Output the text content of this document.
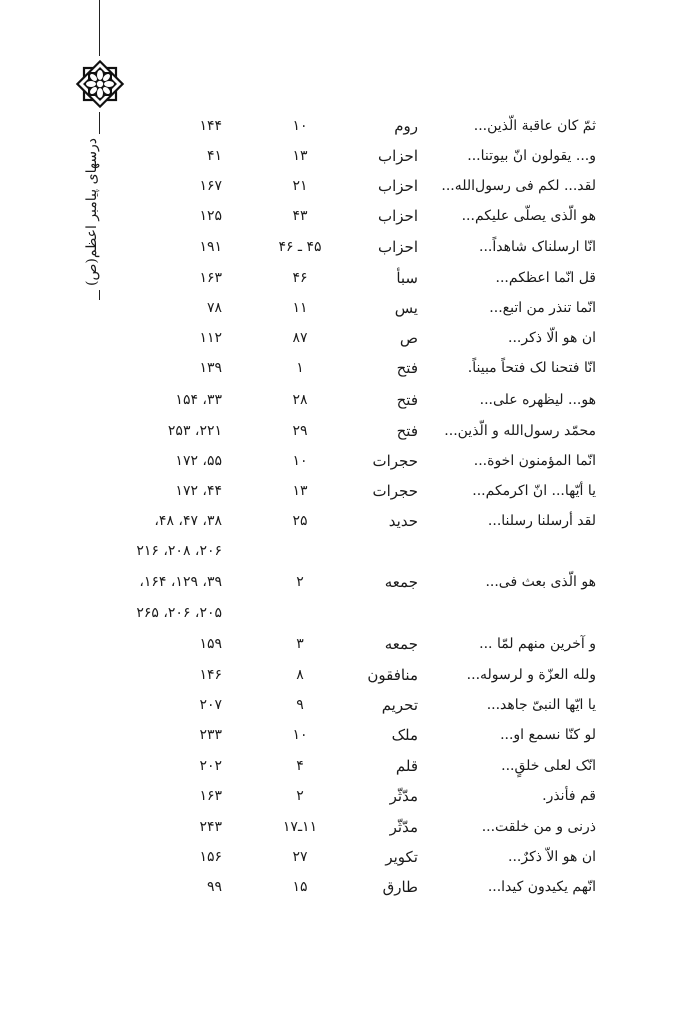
درسهای پیامبر اعظم(ص)
ثمّ کان عاقبة الّذین...
روم
۱۰
۱۴۴
و... یقولون انّ بیوتنا...
احزاب
۱۳
۴۱
لقد... لکم فی رسول‌الله...
احزاب
۲۱
۱۶۷
هو الّذی یصلّی علیکم...
احزاب
۴۳
۱۲۵
انّا ارسلناک شاهداً...
احزاب
۴۵ ـ ۴۶
۱۹۱
قل انّما اعظکم...
سبأ
۴۶
۱۶۳
انّما تنذر من اتبع...
یس
۱۱
۷۸
ان هو الّا ذکر...
ص
۸۷
۱۱۲
انّا فتحنا لک فتحاً مبیناً.
فتح
۱
۱۳۹
هو... لیظهره علی...
فتح
۲۸
۳۳، ۱۵۴
محمّد رسول‌الله و الّذین...
فتح
۲۹
۲۲۱، ۲۵۳
انّما المؤمنون اخوة...
حجرات
۱۰
۵۵، ۱۷۲
یا أیّها... انّ اکرمکم...
حجرات
۱۳
۴۴، ۱۷۲
لقد أرسلنا رسلنا...
حدید
۲۵
۳۸، ۴۷، ۴۸،
۲۰۶، ۲۰۸، ۲۱۶
هو الّذی بعث فی...
جمعه
۲
۳۹، ۱۲۹، ۱۶۴،
۲۰۵، ۲۰۶، ۲۶۵
و آخرین منهم لمّا ...
جمعه
۳
۱۵۹
ولله العزّة و لرسوله...
منافقون
۸
۱۴۶
یا ایّها النبیّ جاهد...
تحریم
۹
۲۰۷
لو کنّا نسمع او...
ملک
۱۰
۲۳۳
انّک لعلی خلقٍ...
قلم
۴
۲۰۲
قم فأنذر.
مدّثّر
۲
۱۶۳
ذرنی و من خلقت...
مدّثّر
۱۱ـ۱۷
۲۴۳
ان هو الاّ ذکرٌ...
تکویر
۲۷
۱۵۶
انّهم یکیدون کیدا...
طارق
۱۵
۹۹
